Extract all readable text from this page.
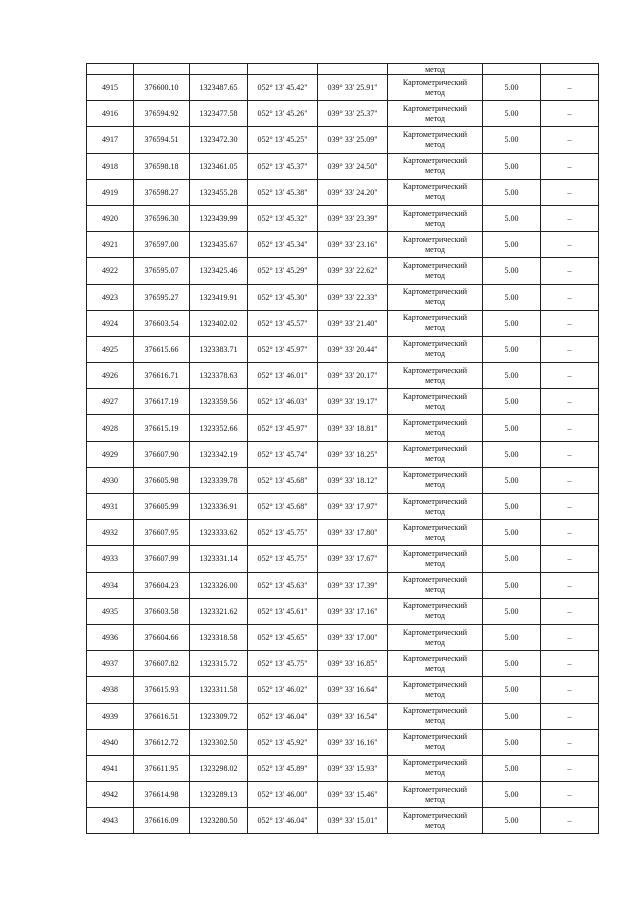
					метод		
4915	376600.10	1323487.65	052° 13' 45.42"	039° 33' 25.91"	Картометрический
метод	5.00	–
4916	376594.92	1323477.58	052° 13' 45.26"	039° 33' 25.37"	Картометрический
метод	5.00	–
4917	376594.51	1323472.30	052° 13' 45.25"	039° 33' 25.09"	Картометрический
метод	5.00	–
4918	376598.18	1323461.05	052° 13' 45.37"	039° 33' 24.50"	Картометрический
метод	5.00	–
4919	376598.27	1323455.28	052° 13' 45.38"	039° 33' 24.20"	Картометрический
метод	5.00	–
4920	376596.30	1323439.99	052° 13' 45.32"	039° 33' 23.39"	Картометрический
метод	5.00	–
4921	376597.00	1323435.67	052° 13' 45.34"	039° 33' 23.16"	Картометрический
метод	5.00	–
4922	376595.07	1323425.46	052° 13' 45.29"	039° 33' 22.62"	Картометрический
метод	5.00	–
4923	376595.27	1323419.91	052° 13' 45.30"	039° 33' 22.33"	Картометрический
метод	5.00	–
4924	376603.54	1323402.02	052° 13' 45.57"	039° 33' 21.40"	Картометрический
метод	5.00	–
4925	376615.66	1323383.71	052° 13' 45.97"	039° 33' 20.44"	Картометрический
метод	5.00	–
4926	376616.71	1323378.63	052° 13' 46.01"	039° 33' 20.17"	Картометрический
метод	5.00	–
4927	376617.19	1323359.56	052° 13' 46.03"	039° 33' 19.17"	Картометрический
метод	5.00	–
4928	376615.19	1323352.66	052° 13' 45.97"	039° 33' 18.81"	Картометрический
метод	5.00	–
4929	376607.90	1323342.19	052° 13' 45.74"	039° 33' 18.25"	Картометрический
метод	5.00	–
4930	376605.98	1323339.78	052° 13' 45.68"	039° 33' 18.12"	Картометрический
метод	5.00	–
4931	376605.99	1323336.91	052° 13' 45.68"	039° 33' 17.97"	Картометрический
метод	5.00	–
4932	376607.95	1323333.62	052° 13' 45.75"	039° 33' 17.80"	Картометрический
метод	5.00	–
4933	376607.99	1323331.14	052° 13' 45.75"	039° 33' 17.67"	Картометрический
метод	5.00	–
4934	376604.23	1323326.00	052° 13' 45.63"	039° 33' 17.39"	Картометрический
метод	5.00	–
4935	376603.58	1323321.62	052° 13' 45.61"	039° 33' 17.16"	Картометрический
метод	5.00	–
4936	376604.66	1323318.58	052° 13' 45.65"	039° 33' 17.00"	Картометрический
метод	5.00	–
4937	376607.82	1323315.72	052° 13' 45.75"	039° 33' 16.85"	Картометрический
метод	5.00	–
4938	376615.93	1323311.58	052° 13' 46.02"	039° 33' 16.64"	Картометрический
метод	5.00	–
4939	376616.51	1323309.72	052° 13' 46.04"	039° 33' 16.54"	Картометрический
метод	5.00	–
4940	376612.72	1323302.50	052° 13' 45.92"	039° 33' 16.16"	Картометрический
метод	5.00	–
4941	376611.95	1323298.02	052° 13' 45.89"	039° 33' 15.93"	Картометрический
метод	5.00	–
4942	376614.98	1323289.13	052° 13' 46.00"	039° 33' 15.46"	Картометрический
метод	5.00	–
4943	376616.09	1323280.50	052° 13' 46.04"	039° 33' 15.01"	Картометрический
метод	5.00	–
